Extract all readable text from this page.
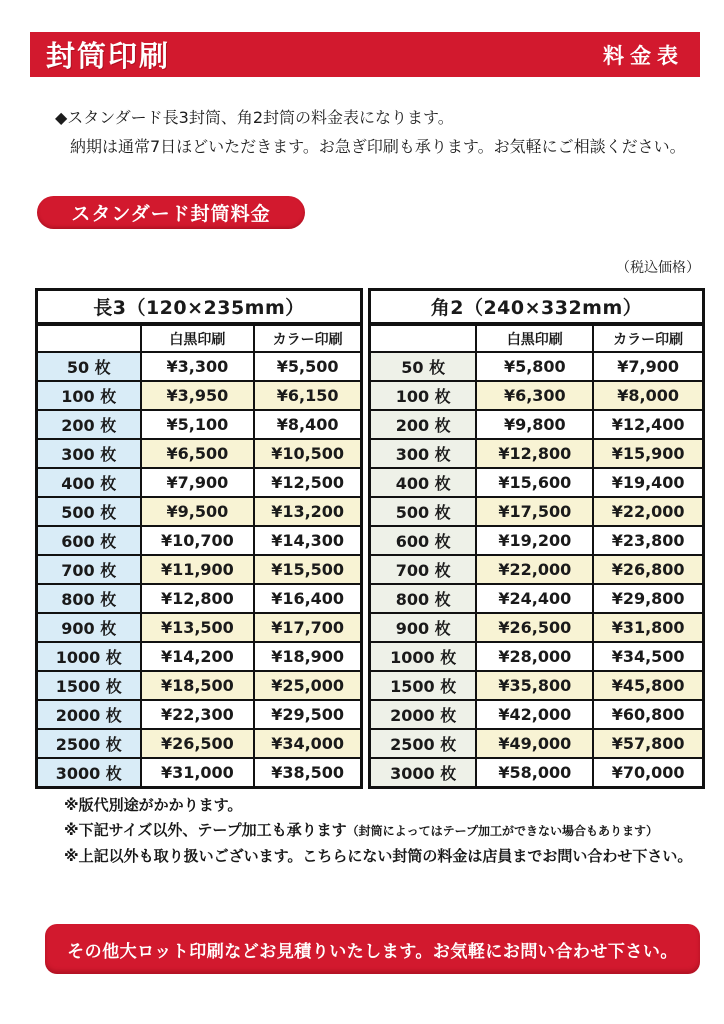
封筒印刷	料金表
◆スタンダード長3封筒、角2封筒の料金表になります。
納期は通常7日ほどいただきます。お急ぎ印刷も承ります。お気軽にご相談ください。
スタンダード封筒料金
（税込価格）
長3（120×235mm）		
	白黒印刷	カラー印刷
50 枚	¥3,300	¥5,500
100 枚	¥3,950	¥6,150
200 枚	¥5,100	¥8,400
300 枚	¥6,500	¥10,500
400 枚	¥7,900	¥12,500
500 枚	¥9,500	¥13,200
600 枚	¥10,700	¥14,300
700 枚	¥11,900	¥15,500
800 枚	¥12,800	¥16,400
900 枚	¥13,500	¥17,700
1000 枚	¥14,200	¥18,900
1500 枚	¥18,500	¥25,000
2000 枚	¥22,300	¥29,500
2500 枚	¥26,500	¥34,000
3000 枚	¥31,000	¥38,500
角2（240×332mm）		
	白黒印刷	カラー印刷
50 枚	¥5,800	¥7,900
100 枚	¥6,300	¥8,000
200 枚	¥9,800	¥12,400
300 枚	¥12,800	¥15,900
400 枚	¥15,600	¥19,400
500 枚	¥17,500	¥22,000
600 枚	¥19,200	¥23,800
700 枚	¥22,000	¥26,800
800 枚	¥24,400	¥29,800
900 枚	¥26,500	¥31,800
1000 枚	¥28,000	¥34,500
1500 枚	¥35,800	¥45,800
2000 枚	¥42,000	¥60,800
2500 枚	¥49,000	¥57,800
3000 枚	¥58,000	¥70,000
※版代別途がかかります。
※下記サイズ以外、テープ加工も承ります（封筒によってはテープ加工ができない場合もあります）
※上記以外も取り扱いございます。こちらにない封筒の料金は店員までお問い合わせ下さい。
その他大ロット印刷などお見積りいたします。お気軽にお問い合わせ下さい。
